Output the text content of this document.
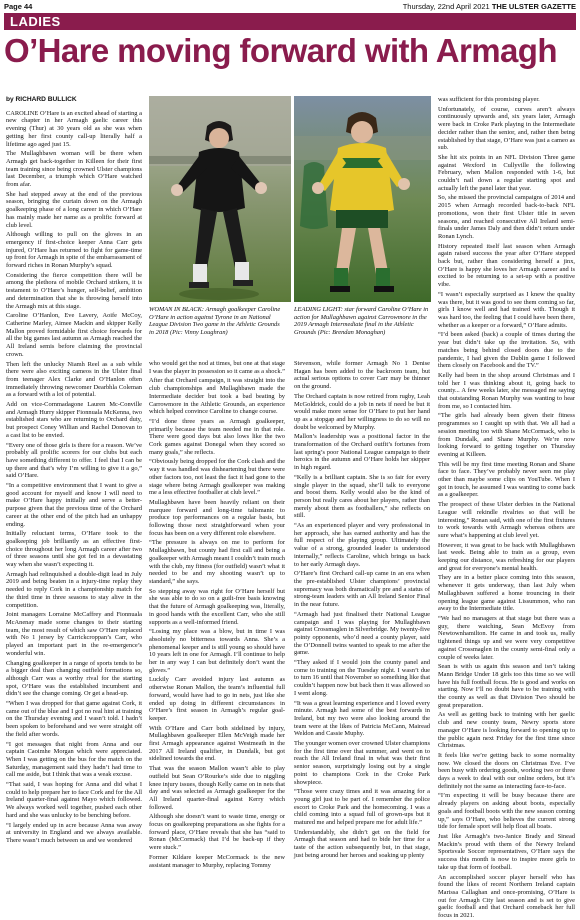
Page 44	Thursday, 22nd April 2021 THE ULSTER GAZETTE
LADIES
O’Hare moving forward with Armagh
by RICHARD BULLICK

CAROLINE O’Hare is an excited ahead of starting a new chapter in her Armagh gaelic career this evening (Thur) at 30 years old as she was when getting her first county call-up literally half a lifetime ago aged just 15.

The Mullaghbawn woman will be there when Armagh get back-together in Killeen for their first team training since being crowned Ulster champions last December, a triumph which O’Hare watched from afar.

She had stepped away at the end of the previous season, bringing the curtain down on the Armagh goalkeeping phase of a long career in which O’Hare has mainly made her name as a prolific forward at club level.

Although willing to pull on the gloves in an emergency if first-choice keeper Anna Carr gets injured, O’Hare has returned to fight for game-time up front for Armagh in spite of the embarrassment of forward riches in Ronan Murphy’s squad.

Considering the fierce competition there will be among the plethora of mobile Orchard strikers, it is testament to O’Hare’s hunger, self-belief, ambition and determination that she is throwing herself into the Armagh mix at this stage.

Caroline O’Hanlon, Eve Lavery, Aoife McCoy, Catherine Marley, Aimee Mackin and skipper Kelly Mallon proved formidable first choice forwards for all the big games last autumn as Armagh reached the All Ireland semis before claiming the provincial crown.

Then left the unlucky Niamh Reel as a sub while there were also exciting cameos in the Ulster final from teenager Alex Clarke and O’Hanlon often immediately throwing newcomer Dearbhla Coleman as a forward with a lot of potential.

Add on vice-Cornmadagone Lauren Mc-Conville and Armagh Hurry skipper Fionnuala McKenna, two established stars who are returning to Orchard duty, but prospect Coney Willian and Rachel Donovan to a cast list to be envied.

“Every one of those girls is there for a reason. We’ve probably all prolific scorers for our clubs but each have something different to offer. I feel that I can be up there and that’s why I’m willing to give it a go,” said O’Hare.

“In a competitive environment that I want to give a good account for myself and know I will need to make O’Hare happy initially and serve a better-purpose given that the previous time of the Orchard career at the other end of the pitch had an unhappy ending.

Initially reluctant terms, O’Hare took to the goalkeeping job brilliantly as an effective first-choice throughout her long Armagh career after two of three seasons until she got fed in a devastating way when she wasn’t expecting it.

Armagh had relinquished a double-digit lead in July 2019 and being beaten in a injury-time replay they needed to reply Cork in a championship match for the third time in three seasons to stay alive in the competition.

Joint managers Lorraine McCaffrey and Fionnuala McAnenay made some changes to their starting team, the most result of which saw O’Hare replaced with No 1 jersey by Carrickcroppan’s Carr, who played an important part in the re-emergence’s wonderful win.

Changing goalkeeper in a range of sports tends to be a bigger deal than changing outfield formations so, although Carr was a worthy rival for the starting spot, O’Hare was the established incumbent and didn’t see the change coming. Or get a head-up.

“When I was dropped for that game against Cork, it came out of the blue and I got no real hint at training on the Thursday evening and I wasn’t told. I hadn’t been spoken to beforehand and we were straight off the field after words.

“I got messages that night from Anna and our captain Caoimhe Morgan which were appreciated. When I was getting on the bus for the match on the Saturday, management said they hadn’t had time to call me aside, but I think that was a weak excuse.

“That said, I was hoping for Anna and did what I could to help prepare her to face Cork and for the All Ireland quarter-final against Mayo which followed. We always worked well together, pushed each other hard and she was unlucky to be benching before.

“I largely ended up in acre because Anna was away at university in England and we always available. There wasn’t much between us and we wondered

WOMAN IN BLACK: Armagh goalkeeper Caroline O’Hare in action against Tyrone in an National League Division Two game in the Athletic Grounds in 2018 (Pic: Vinny Loughran)
LEADING LIGHT: star forward Caroline O’Hare in action for Mullaghbawn against Carrowmore in the 2019 Armagh Intermediate final in the Athletic Grounds (Pic: Brendan Monaghan)

who would get the nod at times, but one at that stage I was the player in possession so it came as a shock.”

After that Orchard campaign, it was straight into the club championships and Mullaghbawn made the Intermediate decider but took a bad beating by Carrowmore in the Athletic Grounds, an experience which helped convince Caroline to change course.

“I’d done three years as Armagh goalkeeper, primarily because the team needed me in that role. There were good days but also lows like the two Cork games against Donegal when they scored so many goals,” she reflects.

“Obviously being dropped for the Cork clash and the way it was handled was disheartening but there were other factors too, not least the fact it had gone to the stage where being Armagh goalkeeper was making me a less effective footballer at club level.”

Mullaghbawn have been heavily reliant on their marquee forward and long-time talismanic to produce top performances on a regular basis, but following those next straightforward when your focus has been on a very different role elsewhere.

“The pressure is always on me to perform for Mullaghbawn, but county had first call and being a goalkeeper with Armagh meant I couldn’t train much with the club, my fitness (for outfield) wasn’t what it needed to be and my shooting wasn’t up to standard,” she says.

So stepping away was right for O’Hare herself but she was able to do so on a guilt-free basis knowing that the future of Armagh goalkeeping was, literally, in good hands with the excellent Carr, who she still supports as a well-informed friend.

“Losing my place was a blow, but in time I was absolutely no bitterness towards Anna. She’s a phenomenal keeper and is still young so should have 10 years left in one for Armagh. I’ll continue to help her in any way I can but definitely don’t want the gloves.”

Luckily Carr avoided injury last autumn as otherwise Ronan Mallon, the team’s influential full forward, would have had to go in nets, just like she ended up doing in different circumstances in O’Hare’s first season in Armagh’s regular goal-keeper.

With O’Hare and Carr both sidelined by injury, Mullaghbawn goalkeeper Ellen McVeigh made her first Armagh appearance against Westmeath in the 2017 All Ireland qualifier, in Dundalk, but got sidelined towards the end.

That was the season Mallon wasn’t able to play outfield but Sean O’Rourke’s side due to niggling knee injury issues, though Kelly came on in nets that day and was selected as Armagh goalkeeper for the All Ireland quarter-final against Kerry which followed.

Although she doesn’t want to waste time, energy or focus on goalkeeping preparations as she fights for a forward place, O’Hare reveals that she has “said to Ronan (McCormack) that I’d be back-up if they were stuck.”

Former Kildare keeper McCormack is the new assistant manager to Murphy, replacing Tommy

Stevenson, while former Armagh No 1 Denise Hagan has been added to the backroom team, but actual serious options to cover Carr may be thinner on the ground.

The Orchard captain is now retired from rugby, Leah McGoldrick, could do a job in nets if need be but it would make more sense for O’Hare to put her hand up as a stopgap and her willingness to do so will no doubt be welcomed by Murphy.

Mallon’s leadership was a positional factor in the transformation of the Orchard outfit’s fortunes from last spring’s poor National League campaign to their heroics in the autumn and O’Hare holds her skipper in high regard.

“Kelly is a brilliant captain. She is so fair for every single player in the squad, she’ll talk to everyone and boost them. Kelly would also be the kind of person but really cares about her players, rather than merely about them as footballers,” she reflects on still.

“As an experienced player and very professional in her approach, she has earned authority and has the full respect of the playing group. Ultimately the value of a strong, grounded leader is understood internally,” reflects Caroline, which brings us back to her early Armagh days.

O’Hare’s first Orchard call-up came in an era when the pre-established Ulster champions’ provincial supremacy was both dramatically pre and a status of strong-team leaders with an All Ireland Senior Final in the near future.

“Armagh had just finalised their National League campaign and I was playing for Mullaghbawn against Crossmaglen in Silverbridge. My twenty-five pointy opponents, who’d need a county player, said the O’Donnell twins wanted to speak to me after the game.

“They asked if I would join the county panel and come to training on the Tuesday night. I wasn’t due to turn 16 until that November so something like that couldn’t happen now but back then it was allowed so I went along.

“It was a great learning experience and I loved every minute. Armagh had some of the best forwards in Ireland, but my two were also looking around the team were at the likes of Patricia McCann, Mairead Weldon and Cassie Muphy.

The younger women over crowned Ulster champions for the first time over that summer, and went on to reach the All Ireland final in what was their first senior season, surprisingly losing out by a single point to champions Cork in the Croke Park showpiece.

“Those were crazy times and it was amazing for a young girl just to be part of. I remember the police escort to Croke Park and the homecoming. I was a child coming into a squad full of grown-ups but it matured me and helped prepare me for adult life.”

Understandably, she didn’t get on the field for Armagh that season and had to bide her time for a taste of the action subsequently but, in that stage, just being around her heroes and soaking up plenty

was sufficient for this promising player.

Unfortunately, of course, curves aren’t always continuously upwards and, six years later, Armagh were back in Croke Park playing in the Intermediate decider rather than the senior, and, rather then being established by that stage, O’Hare was just a cameo as sub.

She hit six points in an NFL Division Three game against Wexford in Cullyville the following February, when Mallon responded with 1-6, but couldn’t nail down a regular starting spot and actually left the panel later that year.

So, she missed the provincial campaigns of 2014 and 2015 when Armagh recorded back-to-back NFL promotions, won their first Ulster title in seven seasons, and reached consecutive All Ireland semi-finals under James Daly and then didn’t return under Ronan Lynch.

History repeated itself last season when Armagh again raised success the year after O’Hare stepped back but, rather than considering herself a jinx, O’Hare is happy she loves her Armagh career and is excited to be returning to a set-up with a positive vibe.

“I wasn’t especially surprised as I knew the quality was there, but it was good to see them coming so far, girls I know well and had trained with. Though it was hard too, the feeling that I could have been there, whether as a keeper or a forward,” O’Hare admits.

“I’d been asked (back) a couple of times during the year but didn’t take up the invitation. So, with matches being behind closed doors due to the pandemic, I had given the Dublin game I followed them closely on Facebook and the TV.”

Kelly had been in the shop around Christmas and I told her I was thinking about it, going back to county... A few weeks later, she messaged me saying that outstanding Ronan Murphy was wanting to hear from me, so I contacted him.

“The girls had already been given their fitness programmes so I caught up with that. We all had a session meeting too with Shane McCormack, who is from Dundalk, and Shane Murphy. We’re now looking forward to getting together on Thursday evening at Killeen.

This will be my first time meeting Ronan and Shane face to face. They’ve probably never seen me play other than maybe some clips on YouTube. When I got in touch, he assumed I was wanting to come back as a goalkeeper.

The prospect of these Ulster derbies in the National League will rekindle rivalries so that will be interesting,” Ronan said, with one of the first fixtures to work towards with Armagh whereas others are sure what’s happening at club level yet.

However, it was great to be back with Mullaghbawn last week. Being able to train as a group, even keeping our distance, was refreshing for our players and great for everyone’s mental health.

They are in a better place coming into this season, whenever it gets underway, than last July when Mullaghbawn suffered a home trouncing in their opening league game against Lissummon, who ran away to the Intermediate title.

“We had no managers at that stage but there was a guy, there watching, Sean McEvoy from Newtownhamilton. He came in and took us, really tightened things up and we were very competitive against Crossmaglen in the county semi-final only a couple of weeks later.

Sean is with us again this season and isn’t taking Mann Bridge Under 18 girls too this time so we will have his full football focus. He is good and works on starting. Now I’ll no doubt have to be training with the county as well as that Division Two should be great preparation.

As well as getting back to training with her gaelic club and new county team, Newry sports store manager O’Hare is looking forward to opening up to the public again next Friday for the first time since Christmas.

It feels like we’re getting back to some normality now. We closed the doors on Christmas Eve. I’ve been busy with ordering goods, working two or three days a week to deal with our online orders, but it’s definitely not the same as interacting face-to-face.

“I’m expecting it will be busy because there are already players on asking about boots, especially goals and football boots with the new season coming up,” says O’Hare, who believes the current strong tide for female sport will help float all boats.

Just like Armagh’s two-Janice Brady and Sinead Mackin’s proud with them of the Newry Ireland Sportsvale Soccer representatives, O’Hare says the success this month is now to inspire more girls to take up that form of football.

An accomplished soccer player herself who has found the likes of recent Northern Ireland captain Marissa Callaghan and once-promising, O’Hare is out for Armagh City last season and is set to give gaelic football and that Orchard comeback her full focus in 2021.
